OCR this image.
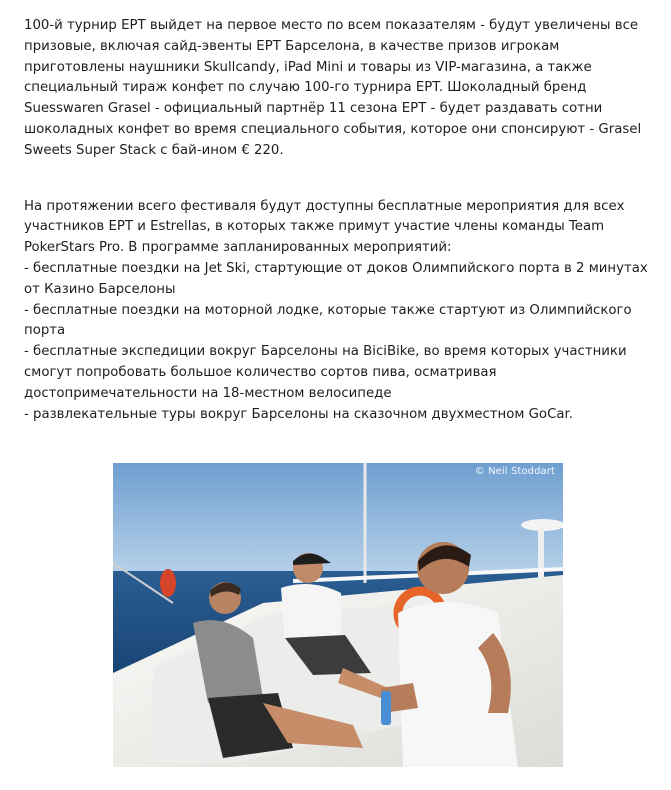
100-й турнир EPT выйдет на первое место по всем показателям - будут увеличены все
призовые, включая сайд-эвенты EPT Барселона, в качестве призов игрокам
приготовлены наушники Skullcandy, iPad Mini и товары из VIP-магазина, а также
специальный тираж конфет по случаю 100-го турнира EPT. Шоколадный бренд
Suesswaren Grasel - официальный партнёр 11 сезона EPT - будет раздавать сотни
шоколадных конфет во время специального события, которое они спонсируют - Grasel
Sweets Super Stack с бай-ином € 220.

На протяжении всего фестиваля будут доступны бесплатные мероприятия для всех
участников EPT и Estrellas, в которых также примут участие члены команды Team
PokerStars Pro. В программе запланированных мероприятий:
- бесплатные поездки на Jet Ski, стартующие от доков Олимпийского порта в 2 минутах
от Казино Барселоны
- бесплатные поездки на моторной лодке, которые также стартуют из Олимпийского
порта
- бесплатные экспедиции вокруг Барселоны на BiciBike, во время которых участники
смогут попробовать большое количество сортов пива, осматривая
достопримечательности на 18-местном велосипеде
- развлекательные туры вокруг Барселоны на сказочном двухместном GoCar.

© Neil Stoddart
